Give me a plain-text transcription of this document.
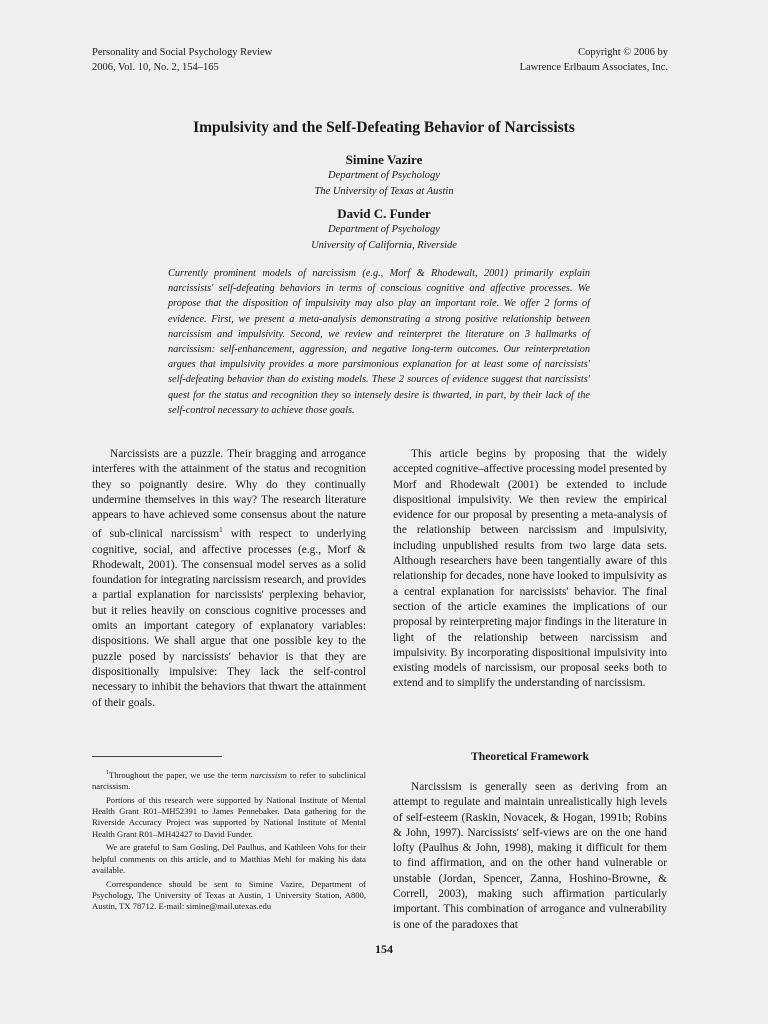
Personality and Social Psychology Review
2006, Vol. 10, No. 2, 154–165
Copyright © 2006 by
Lawrence Erlbaum Associates, Inc.
Impulsivity and the Self-Defeating Behavior of Narcissists
Simine Vazire
Department of Psychology
The University of Texas at Austin
David C. Funder
Department of Psychology
University of California, Riverside
Currently prominent models of narcissism (e.g., Morf & Rhodewalt, 2001) primarily explain narcissists' self-defeating behaviors in terms of conscious cognitive and affective processes. We propose that the disposition of impulsivity may also play an important role. We offer 2 forms of evidence. First, we present a meta-analysis demonstrating a strong positive relationship between narcissism and impulsivity. Second, we review and reinterpret the literature on 3 hallmarks of narcissism: self-enhancement, aggression, and negative long-term outcomes. Our reinterpretation argues that impulsivity provides a more parsimonious explanation for at least some of narcissists' self-defeating behavior than do existing models. These 2 sources of evidence suggest that narcissists' quest for the status and recognition they so intensely desire is thwarted, in part, by their lack of the self-control necessary to achieve those goals.

Narcissists are a puzzle. Their bragging and arrogance interferes with the attainment of the status and recognition they so poignantly desire. Why do they continually undermine themselves in this way? The research literature appears to have achieved some consensus about the nature of sub-clinical narcissism$^1$ with respect to underlying cognitive, social, and affective processes (e.g., Morf & Rhodewalt, 2001). The consensual model serves as a solid foundation for integrating narcissism research, and provides a partial explanation for narcissists' perplexing behavior, but it relies heavily on conscious cognitive processes and omits an important category of explanatory variables: dispositions. We shall argue that one possible key to the puzzle posed by narcissists' behavior is that they are dispositionally impulsive: They lack the self-control necessary to inhibit the behaviors that thwart the attainment of their goals.

This article begins by proposing that the widely accepted cognitive–affective processing model presented by Morf and Rhodewalt (2001) be extended to include dispositional impulsivity. We then review the empirical evidence for our proposal by presenting a meta-analysis of the relationship between narcissism and impulsivity, including unpublished results from two large data sets. Although researchers have been tangentially aware of this relationship for decades, none have looked to impulsivity as a central explanation for narcissists' behavior. The final section of the article examines the implications of our proposal by reinterpreting major findings in the literature in light of the relationship between narcissism and impulsivity. By incorporating dispositional impulsivity into existing models of narcissism, our proposal seeks both to extend and to simplify the understanding of narcissism.

Theoretical Framework

Narcissism is generally seen as deriving from an attempt to regulate and maintain unrealistically high levels of self-esteem (Raskin, Novacek, & Hogan, 1991b; Robins & John, 1997). Narcissists' self-views are on the one hand lofty (Paulhus & John, 1998), making it difficult for them to find affirmation, and on the other hand vulnerable or unstable (Jordan, Spencer, Zanna, Hoshino-Browne, & Correll, 2003), making such affirmation particularly important. This combination of arrogance and vulnerability is one of the paradoxes that

$^1$Throughout the paper, we use the term narcissism to refer to subclinical narcissism.

Portions of this research were supported by National Institute of Mental Health Grant R01–MH52391 to James Pennebaker. Data gathering for the Riverside Accuracy Project was supported by National Institute of Mental Health Grant R01–MH42427 to David Funder.

We are grateful to Sam Gosling, Del Paulhus, and Kathleen Vohs for their helpful comments on this article, and to Matthias Mehl for making his data available.

Correspondence should be sent to Simine Vazire, Department of Psychology, The University of Texas at Austin, 1 University Station, A800, Austin, TX 78712. E-mail: simine@mail.utexas.edu

154
